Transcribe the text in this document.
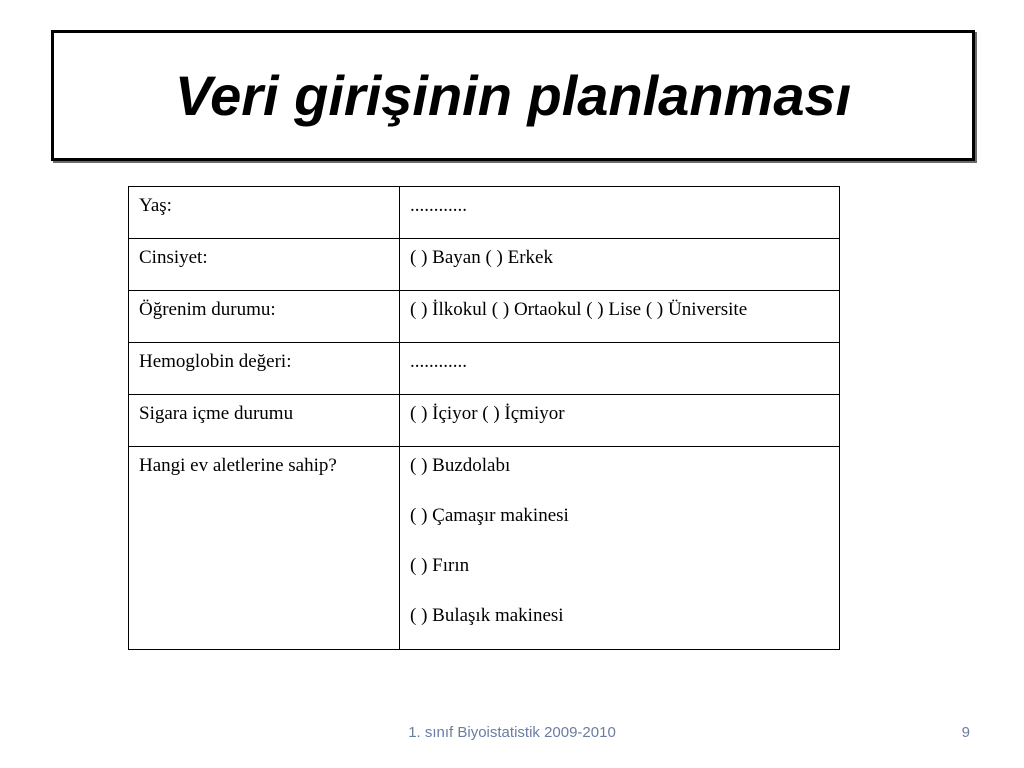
Veri girişinin planlanması
Yaş:	............
Cinsiyet:	( ) Bayan ( ) Erkek
Öğrenim durumu:	( ) İlkokul ( ) Ortaokul ( ) Lise ( ) Üniversite
Hemoglobin değeri:	............
Sigara içme durumu	( ) İçiyor ( ) İçmiyor
Hangi ev aletlerine sahip?	( ) Buzdolabı
( ) Çamaşır makinesi
( ) Fırın
( ) Bulaşık makinesi
1. sınıf Biyoistatistik 2009-2010	9
